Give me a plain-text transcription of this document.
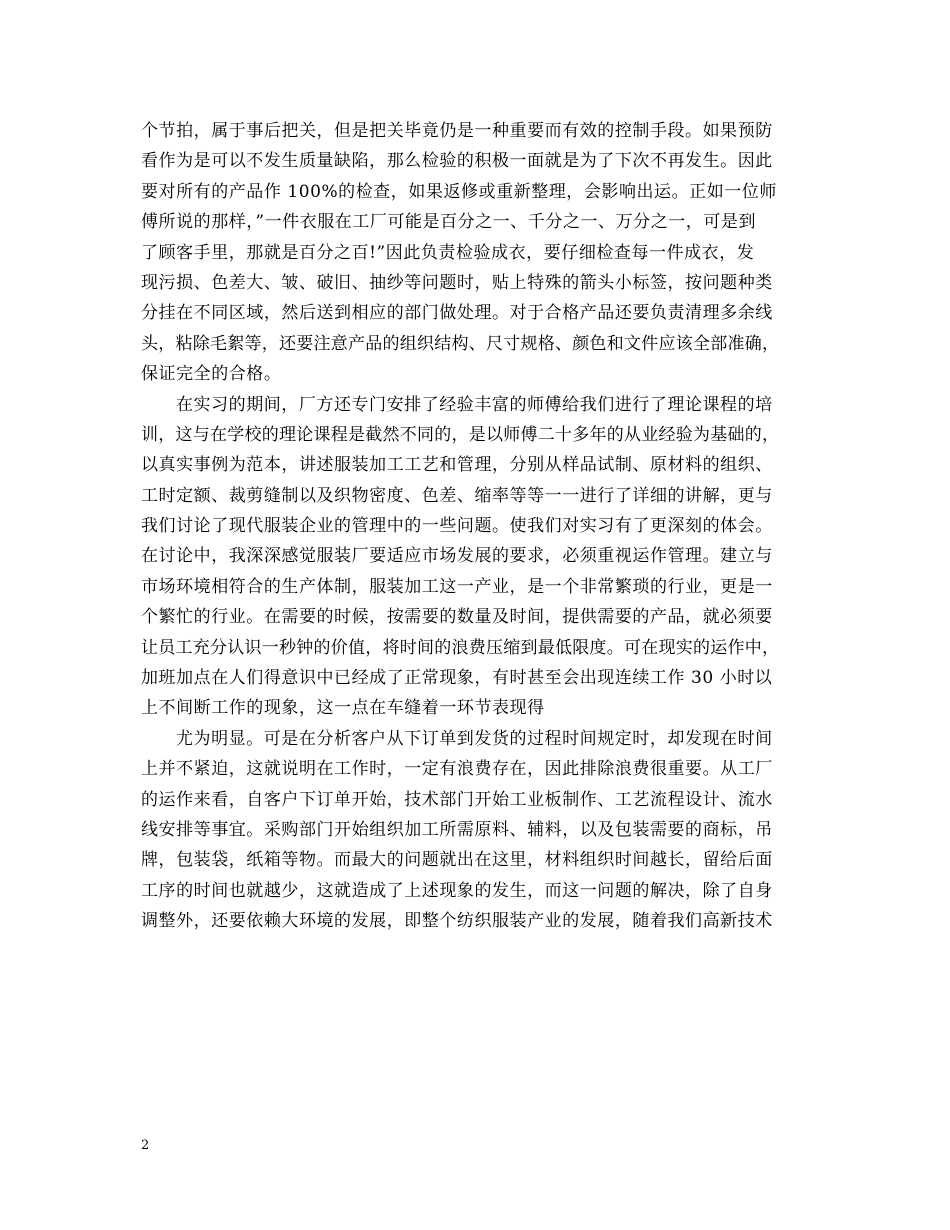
个节拍，属于事后把关，但是把关毕竟仍是一种重要而有效的控制手段。如果预防
看作为是可以不发生质量缺陷，那么检验的积极一面就是为了下次不再发生。因此
要对所有的产品作 100%的检查，如果返修或重新整理，会影响出运。正如一位师
傅所说的那样，”一件衣服在工厂可能是百分之一、千分之一、万分之一，可是到
了顾客手里，那就是百分之百!”因此负责检验成衣，要仔细检查每一件成衣，发
现污损、色差大、皱、破旧、抽纱等问题时，贴上特殊的箭头小标签，按问题种类
分挂在不同区域，然后送到相应的部门做处理。对于合格产品还要负责清理多余线
头，粘除毛絮等，还要注意产品的组织结构、尺寸规格、颜色和文件应该全部准确，
保证完全的合格。
在实习的期间，厂方还专门安排了经验丰富的师傅给我们进行了理论课程的培
训，这与在学校的理论课程是截然不同的，是以师傅二十多年的从业经验为基础的，
以真实事例为范本，讲述服装加工工艺和管理，分别从样品试制、原材料的组织、
工时定额、裁剪缝制以及织物密度、色差、缩率等等一一进行了详细的讲解，更与
我们讨论了现代服装企业的管理中的一些问题。使我们对实习有了更深刻的体会。
在讨论中，我深深感觉服装厂要适应市场发展的要求，必须重视运作管理。建立与
市场环境相符合的生产体制，服装加工这一产业，是一个非常繁琐的行业，更是一
个繁忙的行业。在需要的时候，按需要的数量及时间，提供需要的产品，就必须要
让员工充分认识一秒钟的价值，将时间的浪费压缩到最低限度。可在现实的运作中，
加班加点在人们得意识中已经成了正常现象，有时甚至会出现连续工作 30 小时以
上不间断工作的现象，这一点在车缝着一环节表现得
尤为明显。可是在分析客户从下订单到发货的过程时间规定时，却发现在时间
上并不紧迫，这就说明在工作时，一定有浪费存在，因此排除浪费很重要。从工厂
的运作来看，自客户下订单开始，技术部门开始工业板制作、工艺流程设计、流水
线安排等事宜。采购部门开始组织加工所需原料、辅料，以及包装需要的商标，吊
牌，包装袋，纸箱等物。而最大的问题就出在这里，材料组织时间越长，留给后面
工序的时间也就越少，这就造成了上述现象的发生，而这一问题的解决，除了自身
调整外，还要依赖大环境的发展，即整个纺织服装产业的发展，随着我们高新技术
2
